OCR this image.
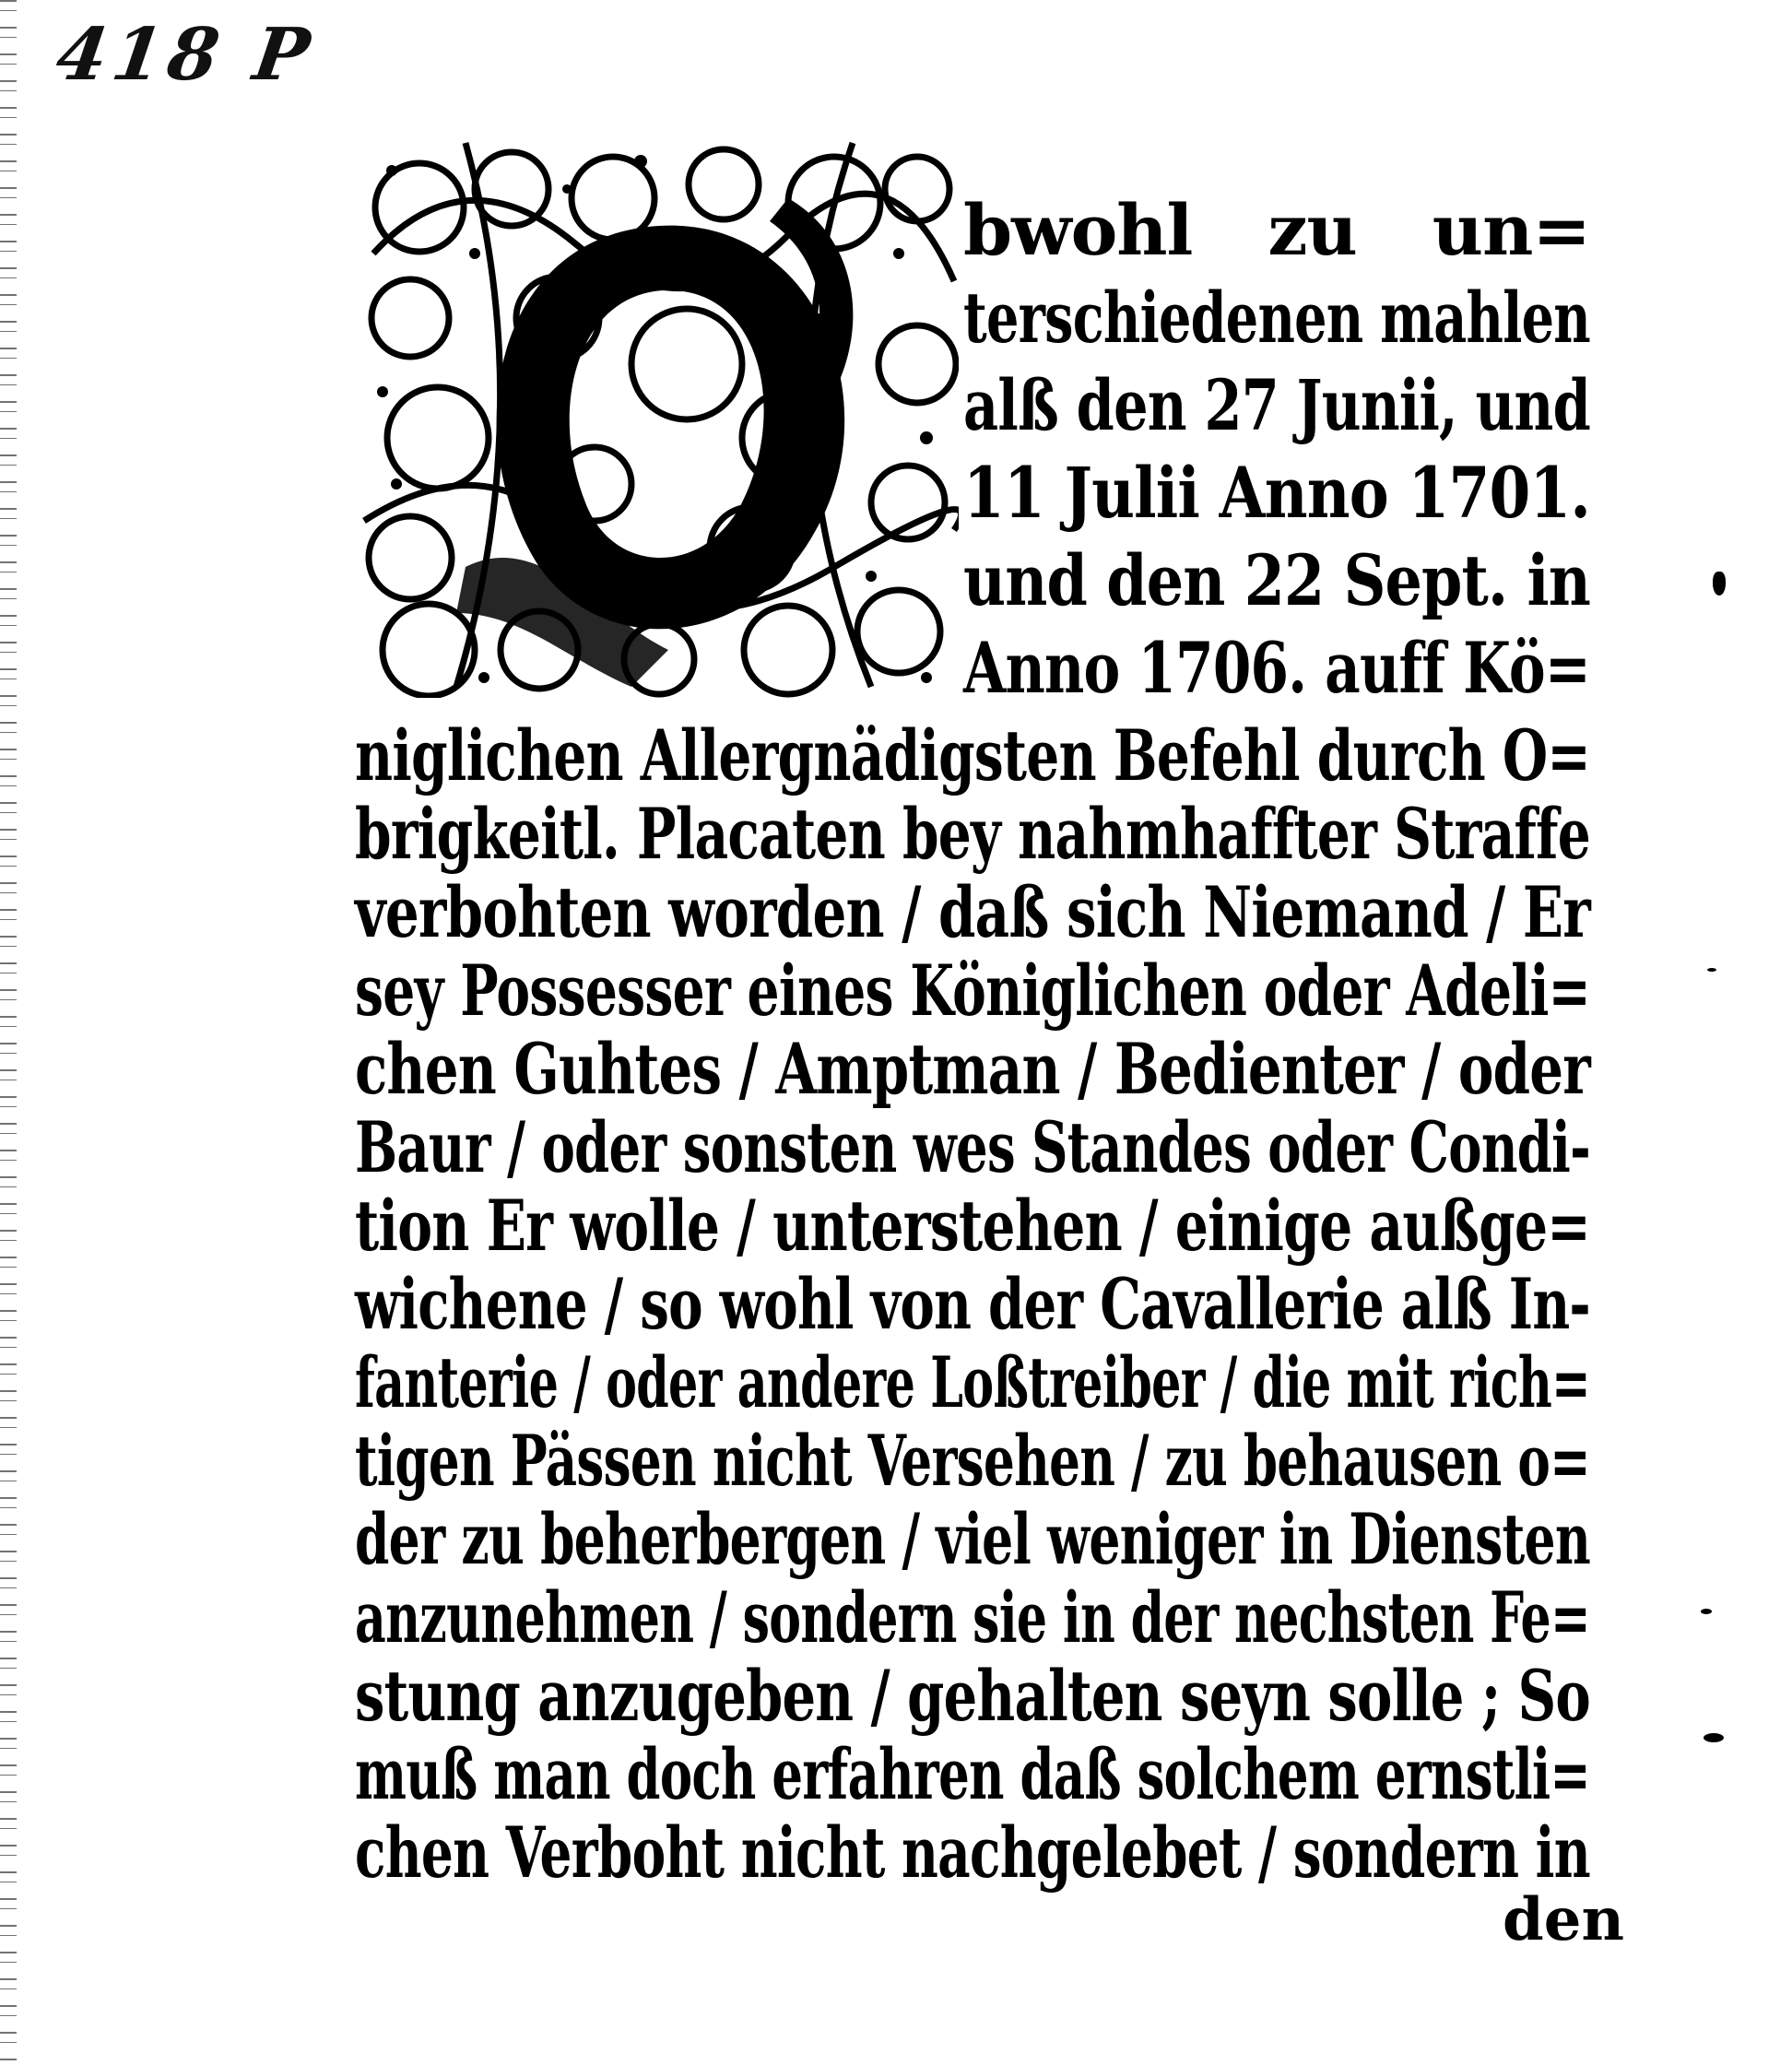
418 P
bwohl zu un=
terschiedenen mahlen
alß den 27 Junii, und
11 Julii Anno 1701.
und den 22 Sept. in
Anno 1706. auff Kö=
niglichen Allergnädigsten Befehl durch O=
brigkeitl. Placaten bey nahmhaffter Straffe
verbohten worden / daß sich Niemand / Er
sey Possesser eines Königlichen oder Adeli=
chen Guhtes / Amptman / Bedienter / oder
Baur / oder sonsten wes Standes oder Condi-
tion Er wolle / unterstehen / einige außge=
wichene / so wohl von der Cavallerie alß In-
fanterie / oder andere Loßtreiber / die mit rich=
tigen Pässen nicht Versehen / zu behausen o=
der zu beherbergen / viel weniger in Diensten
anzunehmen / sondern sie in der nechsten Fe=
stung anzugeben / gehalten seyn solle ; So
muß man doch erfahren daß solchem ernstli=
chen Verboht nicht nachgelebet / sondern in
den
